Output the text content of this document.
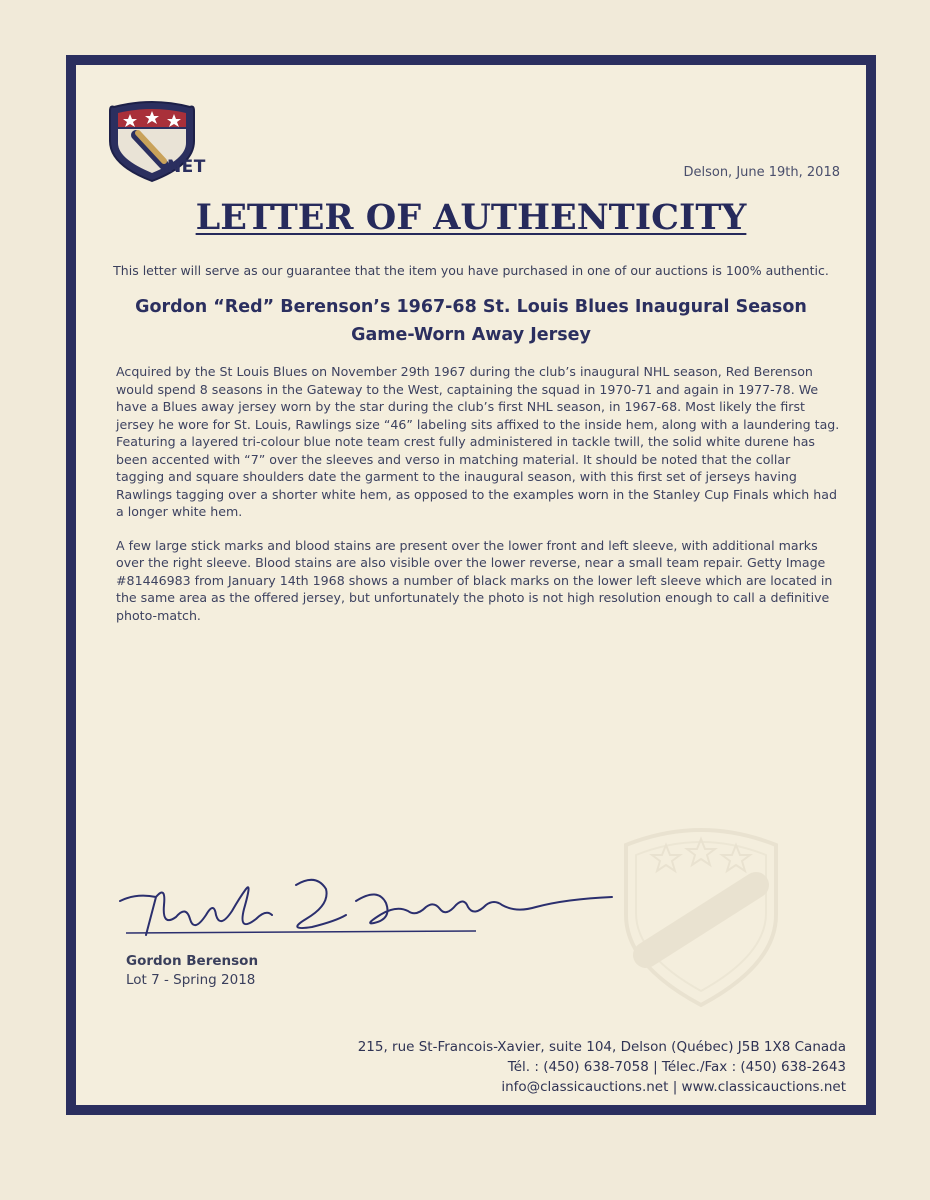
.NET	Delson, June 19th, 2018
LETTER OF AUTHENTICITY
This letter will serve as our guarantee that the item you have purchased in one of our auctions is 100% authentic.
Gordon “Red” Berenson’s 1967-68 St. Louis Blues Inaugural Season
Game-Worn Away Jersey

Acquired by the St Louis Blues on November 29th 1967 during the club’s inaugural NHL season, Red Berenson would spend 8 seasons in the Gateway to the West, captaining the squad in 1970-71 and again in 1977-78. We have a Blues away jersey worn by the star during the club’s first NHL season, in 1967-68. Most likely the first jersey he wore for St. Louis, Rawlings size “46” labeling sits affixed to the inside hem, along with a laundering tag. Featuring a layered tri-colour blue note team crest fully administered in tackle twill, the solid white durene has been accented with “7” over the sleeves and verso in matching material. It should be noted that the collar tagging and square shoulders date the garment to the inaugural season, with this first set of jerseys having Rawlings tagging over a shorter white hem, as opposed to the examples worn in the Stanley Cup Finals which had a longer white hem.

A few large stick marks and blood stains are present over the lower front and left sleeve, with additional marks over the right sleeve. Blood stains are also visible over the lower reverse, near a small team repair. Getty Image #81446983 from January 14th 1968 shows a number of black marks on the lower left sleeve which are located in the same area as the offered jersey, but unfortunately the photo is not high resolution enough to call a definitive photo-match.

Gordon Berenson
Lot 7 - Spring 2018
215, rue St-Francois-Xavier, suite 104, Delson (Québec) J5B 1X8 Canada
Tél. : (450) 638-7058 | Télec./Fax : (450) 638-2643
info@classicauctions.net | www.classicauctions.net
